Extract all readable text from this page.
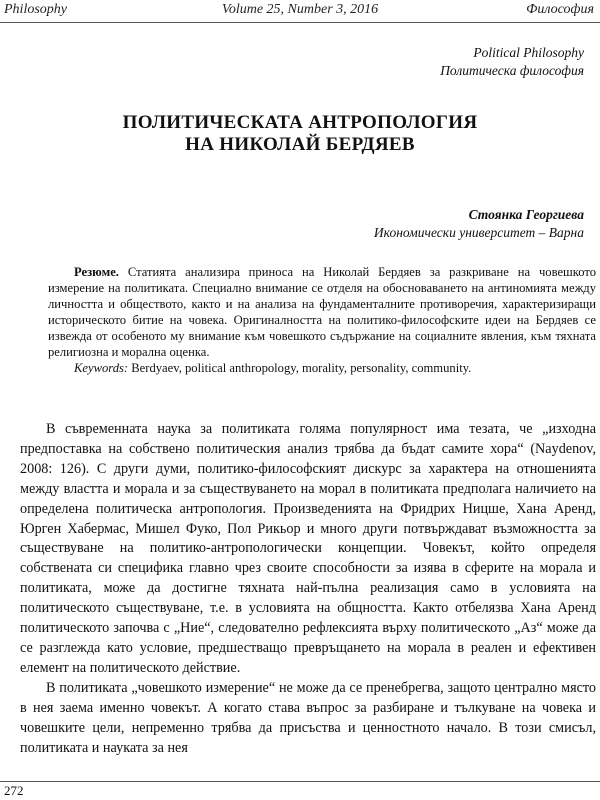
Philosophy	Volume 25, Number 3, 2016	Философия
Political Philosophy
Политическа философия
ПОЛИТИЧЕСКАТА АНТРОПОЛОГИЯ
НА НИКОЛАЙ БЕРДЯЕВ
Стоянка Георгиева
Икономически университет – Варна

Резюме. Статията анализира приноса на Николай Бердяев за разкриване на човешкото измерение на политиката. Специално внимание се отделя на обосноваването на антиномията между личността и обществото, както и на анализа на фундаменталните противоречия, характеризиращи историческото битие на човека. Оригиналността на политико-философските идеи на Бердяев се извежда от особеното му внимание към човешкото съдържание на социалните явления, към тяхната религиозна и морална оценка.

Keywords: Berdyaev, political anthropology, morality, personality, community.

В съвременната наука за политиката голяма популярност има тезата, че „изходна предпоставка на собствено политическия анализ трябва да бъдат самите хора“ (Naydenov, 2008: 126). С други думи, политико-философският дискурс за характера на отношенията между властта и морала и за съществуването на морал в политиката предполага наличието на определена политическа антропология. Произведенията на Фридрих Ницше, Хана Аренд, Юрген Хабермас, Мишел Фуко, Пол Рикьор и много други потвърждават възможността за съществуване на политико-антропологически концепции. Човекът, който определя собствената си специфика главно чрез своите способности за изява в сферите на морала и политиката, може да достигне тяхната най-пълна реализация само в условията на политическото съществуване, т.е. в условията на общността. Както отбелязва Хана Аренд политическото започва с „Ние“, следователно рефлексията върху политическото „Аз“ може да се разглежда като условие, предшестващо превръщането на морала в реален и ефективен елемент на политическото действие.

В политиката „човешкото измерение“ не може да се пренебрегва, защото централно място в нея заема именно човекът. А когато става въпрос за разбиране и тълкуване на човека и човешките цели, непременно трябва да присъства и ценностното начало. В този смисъл, политиката и науката за нея

272
